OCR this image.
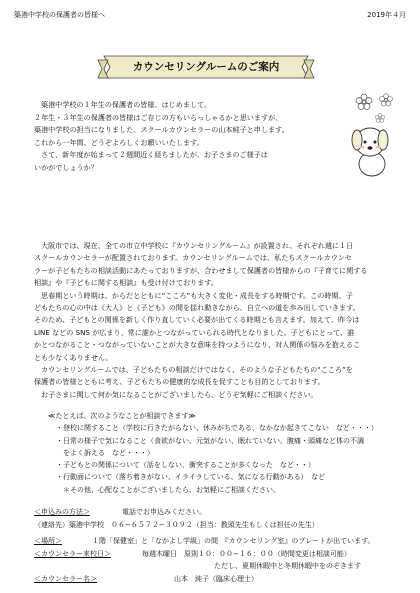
築港中学校の保護者の皆様へ	2019年４月
カウンセリングルームのご案内

築港中学校の１年生の保護者の皆様、はじめまして。

２年生・３年生の保護者の皆様はご存じの方もいらっしゃるかと思いますが、

築港中学校の担当になりました、スクールカウンセラーの山本純子と申します。

これから一年間、どうぞよろしくお願いいたします。

さて、新年度が始まって２週間近く経ちましたが、お子さまのご様子は

いかがでしょうか？

大阪市では、現在、全ての市立中学校に『カウンセリングルーム』が設置され、それぞれ週に１日

スクールカウンセラーが配置されております。カウンセリングルームでは、私たちスクールカウンセ

ラーが子どもたちの相談活動にあたっておりますが、合わせまして保護者の皆様からの『子育てに関する

相談』や『子どもに関する相談』も受け付けております。

思春期という時期は、からだとともに“こころ”も大きく変化・成長をする時期です。この時期、子

どもたちの心の中は《大人》と《子ども》の間を揺れ動きながら、自立への道を歩み出していきます。

そのため、子どもとの関係を新しく作り直していく必要が出てくる時期とも言えます。加えて、昨今は

LINE などの SNS が広まり、常に誰かとつながっていられる時代となりました。子どもにとって、誰

かとつながること・つながっていないことが大きな意味を持つようになり、対人関係の悩みを抱えるこ

とも少なくありません。

カウンセリングルームでは、子どもたちの相談だけではなく、そのような子どもたちの“こころ”を

保護者の皆様とともに考え、子どもたちの健康的な成長を促すことも目的としております。

お子さまに関して何か気になることがございましたら、どうぞ気軽にご相談ください。

≪たとえば、次のようなことが相談できます≫

・登校に関すること（学校に行きたがらない、休みがちである、なかなか起きてこない　など・・・）

・日常の様子で気になること（食欲がない、元気がない、眠れていない、腹痛・頭痛など体の不調

　をよく訴える　など・・・）

・子どもとの関係について（話をしない、衝突することが多くなった　など・・）

・行動面について（落ち着きがない、イライラしている、気になる行動がある）　など

　＊その他、心配なことがございましたら、お気軽にご相談ください。

＜申込みの方法＞	電話でお申込みください。
（連絡先）築港中学校　０６−６５７２−３０９２（担当：教頭先生もしくは担任の先生）
＜場所＞	１階「保健室」と「なかよし学級」の間　『カウンセリング室』のプレートが出ています。
＜カウンセラー来校日＞	毎週木曜日　原則１０：００−１６：００（時間変更は相談可能）
ただし、夏期休暇中と冬期休暇中をのぞきます
＜カウンセラー名＞	山本　純子（臨床心理士）
